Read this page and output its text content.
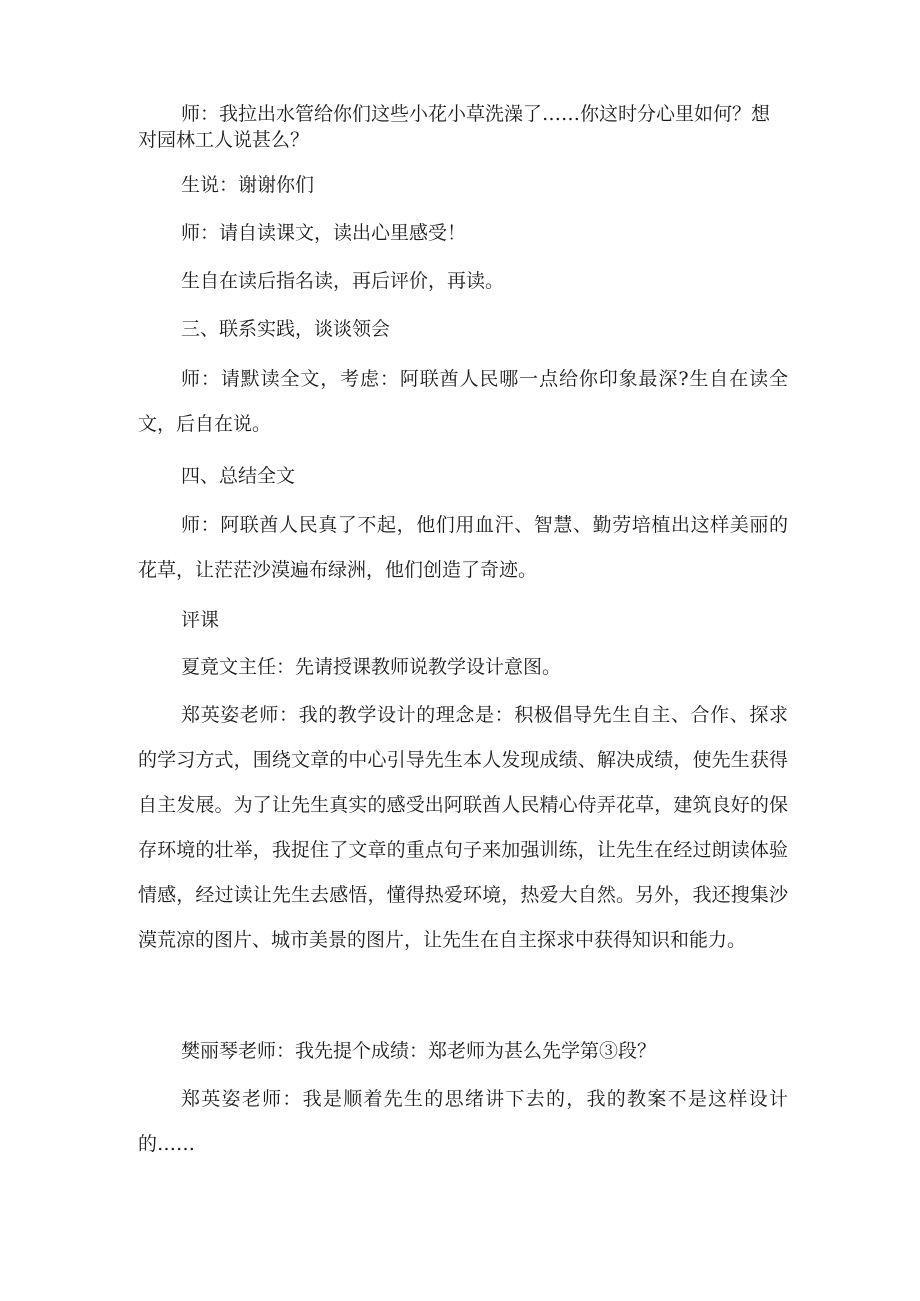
师：我拉出水管给你们这些小花小草洗澡了……你这时分心里如何？想对园林工人说甚么？

生说：谢谢你们

师：请自读课文，读出心里感受！

生自在读后指名读，再后评价，再读。

三、联系实践，谈谈领会

师：请默读全文，考虑：阿联酋人民哪一点给你印象最深?生自在读全文，后自在说。

四、总结全文

师：阿联酋人民真了不起，他们用血汗、智慧、勤劳培植出这样美丽的花草，让茫茫沙漠遍布绿洲，他们创造了奇迹。

评课

夏竟文主任：先请授课教师说教学设计意图。

郑英姿老师：我的教学设计的理念是：积极倡导先生自主、合作、探求的学习方式，围绕文章的中心引导先生本人发现成绩、解决成绩，使先生获得自主发展。为了让先生真实的感受出阿联酋人民精心侍弄花草，建筑良好的保存环境的壮举，我捉住了文章的重点句子来加强训练，让先生在经过朗读体验情感，经过读让先生去感悟，懂得热爱环境，热爱大自然。另外，我还搜集沙漠荒凉的图片、城市美景的图片，让先生在自主探求中获得知识和能力。

樊丽琴老师：我先提个成绩：郑老师为甚么先学第③段？

郑英姿老师：我是顺着先生的思绪讲下去的，我的教案不是这样设计的……
